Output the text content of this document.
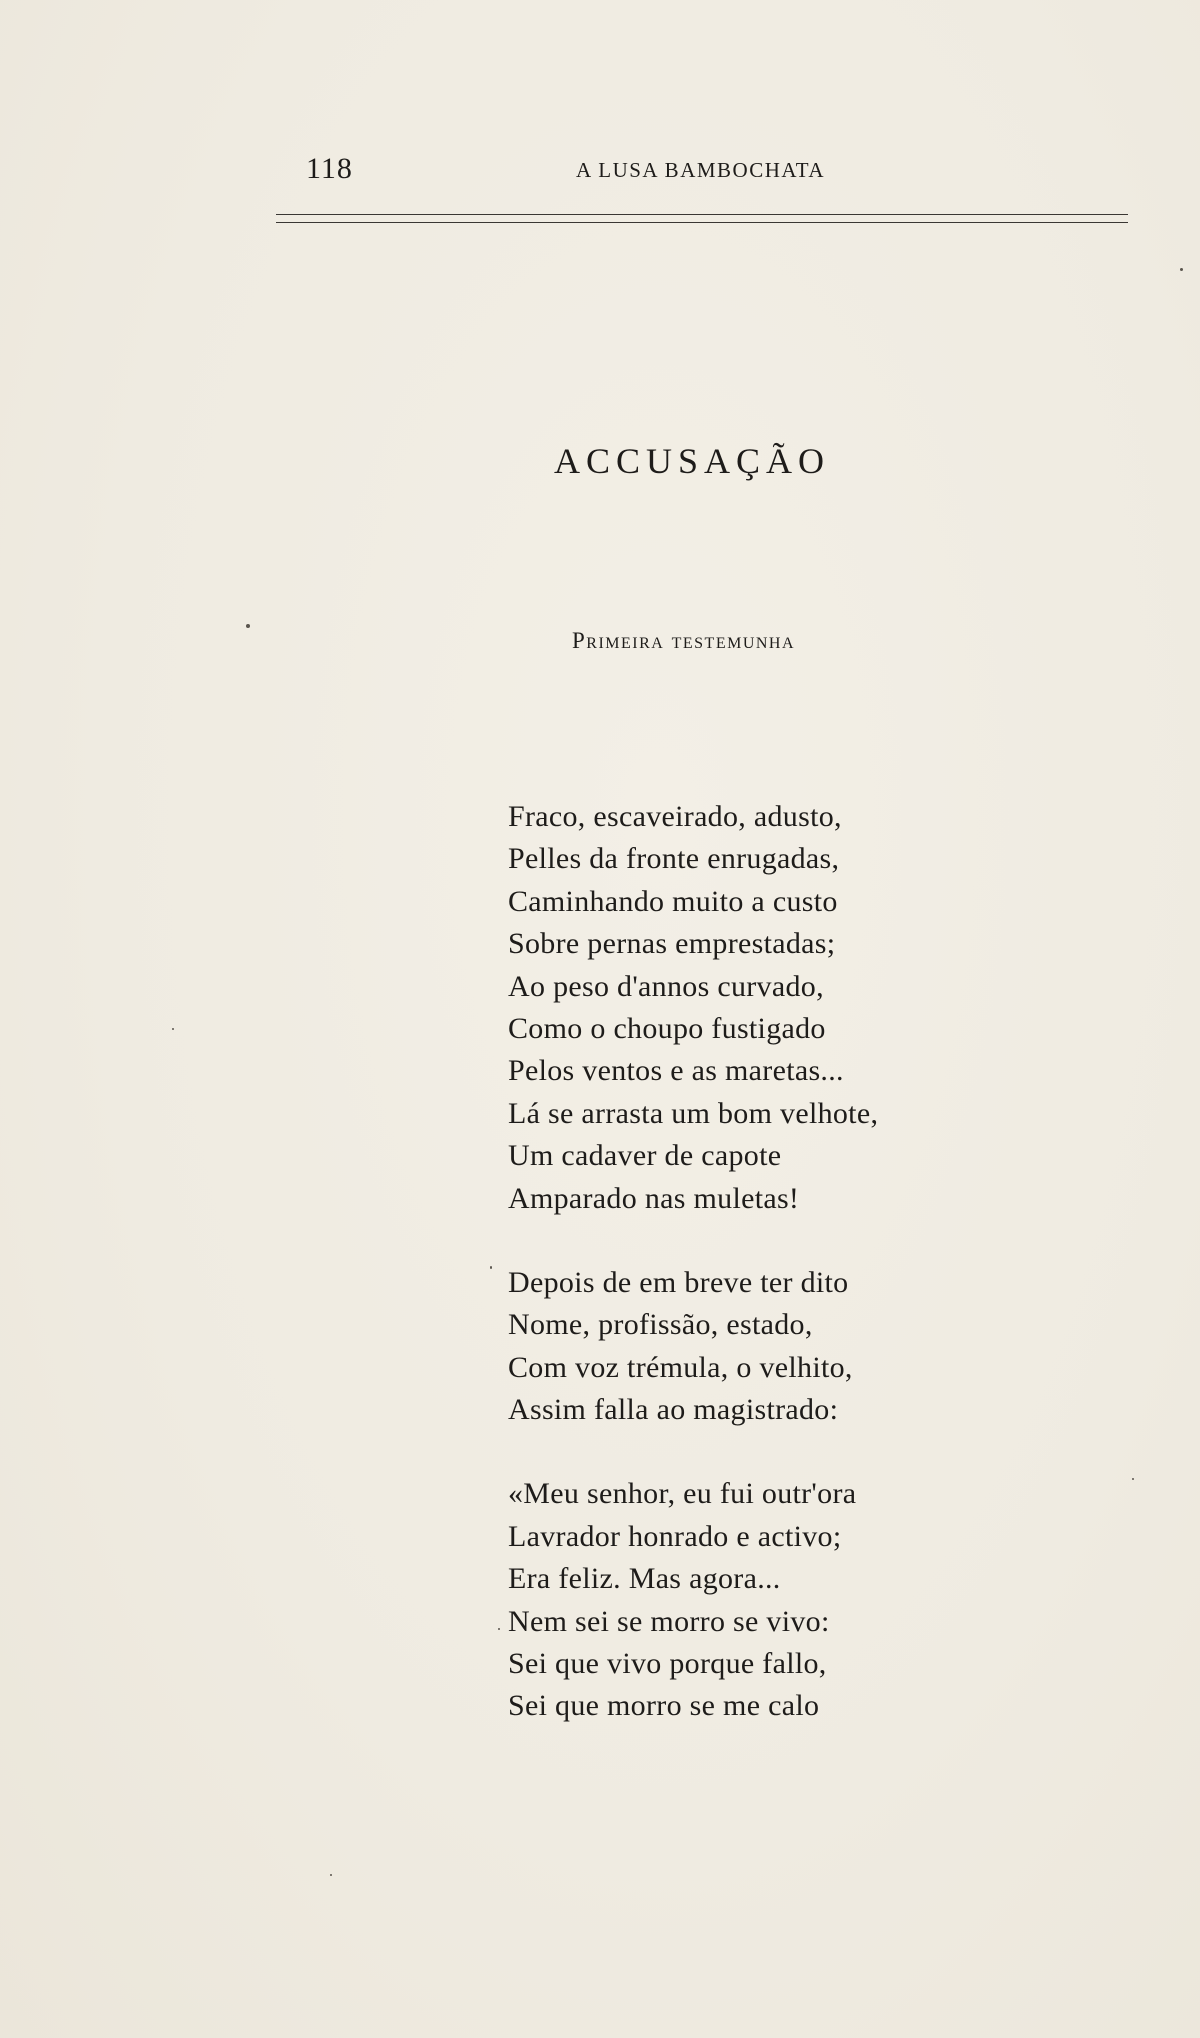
118	A LUSA BAMBOCHATA
ACCUSAÇÃO
Primeira testemunha
Fraco, escaveirado, adusto,
Pelles da fronte enrugadas,
Caminhando muito a custo
Sobre pernas emprestadas;
Ao peso d'annos curvado,
Como o choupo fustigado
Pelos ventos e as maretas...
Lá se arrasta um bom velhote,
Um cadaver de capote
Amparado nas muletas!
Depois de em breve ter dito
Nome, profissão, estado,
Com voz trémula, o velhito,
Assim falla ao magistrado:
«Meu senhor, eu fui outr'ora
Lavrador honrado e activo;
Era feliz. Mas agora...
Nem sei se morro se vivo:
Sei que vivo porque fallo,
Sei que morro se me calo
